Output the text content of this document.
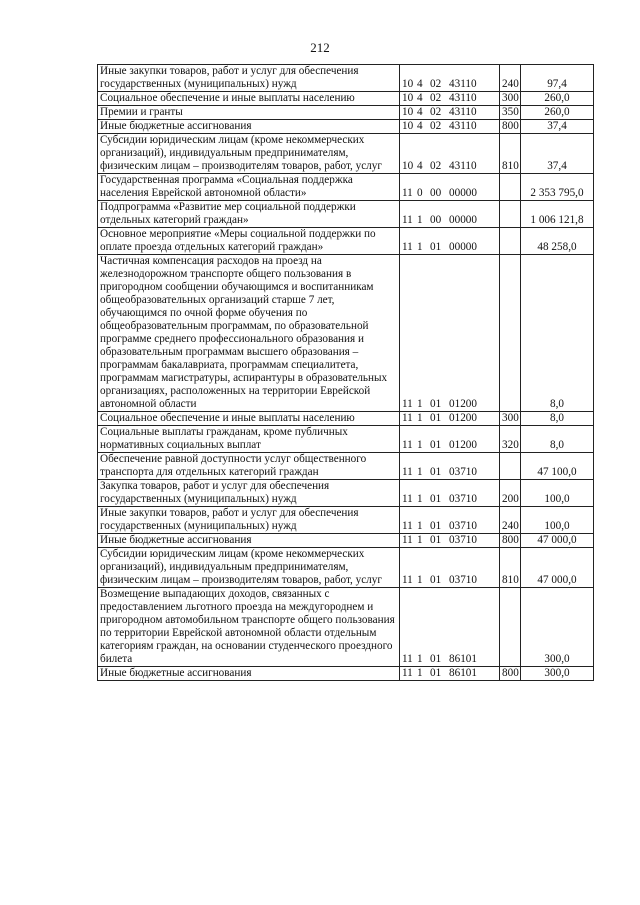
212
Иные закупки товаров, работ и услуг для обеспечения государственных (муниципальных) нужд	10 4 02 43110	240	97,4
Социальное обеспечение и иные выплаты населению	10 4 02 43110	300	260,0
Премии и гранты	10 4 02 43110	350	260,0
Иные бюджетные ассигнования	10 4 02 43110	800	37,4
Субсидии юридическим лицам (кроме некоммерческих организаций), индивидуальным предпринимателям, физическим лицам – производителям товаров, работ, услуг	10 4 02 43110	810	37,4
Государственная программа «Социальная поддержка населения Еврейской автономной области»	11 0 00 00000		2 353 795,0
Подпрограмма «Развитие мер социальной поддержки отдельных категорий граждан»	11 1 00 00000		1 006 121,8
Основное мероприятие «Меры социальной поддержки по оплате проезда отдельных категорий граждан»	11 1 01 00000		48 258,0
Частичная компенсация расходов на проезд на железнодорожном транспорте общего пользования в пригородном сообщении обучающимся и воспитанникам общеобразовательных организаций старше 7 лет, обучающимся по очной форме обучения по общеобразовательным программам, по образовательной программе среднего профессионального образования и образовательным программам высшего образования – программам бакалавриата, программам специалитета, программам магистратуры, аспирантуры в образовательных организациях, расположенных на территории Еврейской автономной области	11 1 01 01200		8,0
Социальное обеспечение и иные выплаты населению	11 1 01 01200	300	8,0
Социальные выплаты гражданам, кроме публичных нормативных социальных выплат	11 1 01 01200	320	8,0
Обеспечение равной доступности услуг общественного транспорта для отдельных категорий граждан	11 1 01 03710		47 100,0
Закупка товаров, работ и услуг для обеспечения государственных (муниципальных) нужд	11 1 01 03710	200	100,0
Иные закупки товаров, работ и услуг для обеспечения государственных (муниципальных) нужд	11 1 01 03710	240	100,0
Иные бюджетные ассигнования	11 1 01 03710	800	47 000,0
Субсидии юридическим лицам (кроме некоммерческих организаций), индивидуальным предпринимателям, физическим лицам – производителям товаров, работ, услуг	11 1 01 03710	810	47 000,0
Возмещение выпадающих доходов, связанных с предоставлением льготного проезда на междугороднем и пригородном автомобильном транспорте общего пользования по территории Еврейской автономной области отдельным категориям граждан, на основании студенческого проездного билета	11 1 01 86101		300,0
Иные бюджетные ассигнования	11 1 01 86101	800	300,0
